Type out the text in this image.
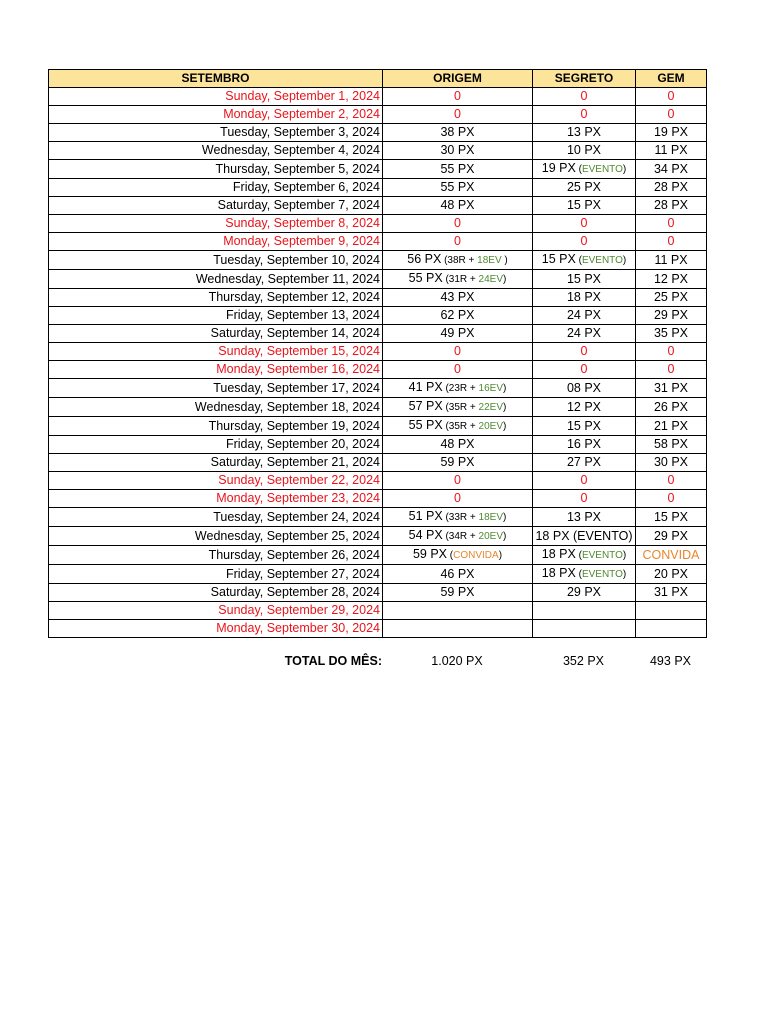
SETEMBRO	ORIGEM	SEGRETO	GEM
Sunday, September 1, 2024	0	0	0
Monday, September 2, 2024	0	0	0
Tuesday, September 3, 2024	38 PX	13 PX	19 PX
Wednesday, September 4, 2024	30 PX	10 PX	11 PX
Thursday, September 5, 2024	55 PX	19 PX (EVENTO)	34 PX
Friday, September 6, 2024	55 PX	25 PX	28 PX
Saturday, September 7, 2024	48 PX	15 PX	28 PX
Sunday, September 8, 2024	0	0	0
Monday, September 9, 2024	0	0	0
Tuesday, September 10, 2024	56 PX (38R + 18EV )	15 PX (EVENTO)	11 PX
Wednesday, September 11, 2024	55 PX (31R + 24EV)	15 PX	12 PX
Thursday, September 12, 2024	43 PX	18 PX	25 PX
Friday, September 13, 2024	62 PX	24 PX	29 PX
Saturday, September 14, 2024	49 PX	24 PX	35 PX
Sunday, September 15, 2024	0	0	0
Monday, September 16, 2024	0	0	0
Tuesday, September 17, 2024	41 PX (23R + 16EV)	08 PX	31 PX
Wednesday, September 18, 2024	57 PX (35R + 22EV)	12 PX	26 PX
Thursday, September 19, 2024	55 PX (35R + 20EV)	15 PX	21 PX
Friday, September 20, 2024	48 PX	16 PX	58 PX
Saturday, September 21, 2024	59 PX	27 PX	30 PX
Sunday, September 22, 2024	0	0	0
Monday, September 23, 2024	0	0	0
Tuesday, September 24, 2024	51 PX (33R + 18EV)	13 PX	15 PX
Wednesday, September 25, 2024	54 PX (34R + 20EV)	18 PX (EVENTO)	29 PX
Thursday, September 26, 2024	59 PX (CONVIDA)	18 PX (EVENTO)	CONVIDA
Friday, September 27, 2024	46 PX	18 PX (EVENTO)	20 PX
Saturday, September 28, 2024	59 PX	29 PX	31 PX
Sunday, September 29, 2024			
Monday, September 30, 2024			
TOTAL DO MÊS:	1.020 PX	352 PX	493 PX
